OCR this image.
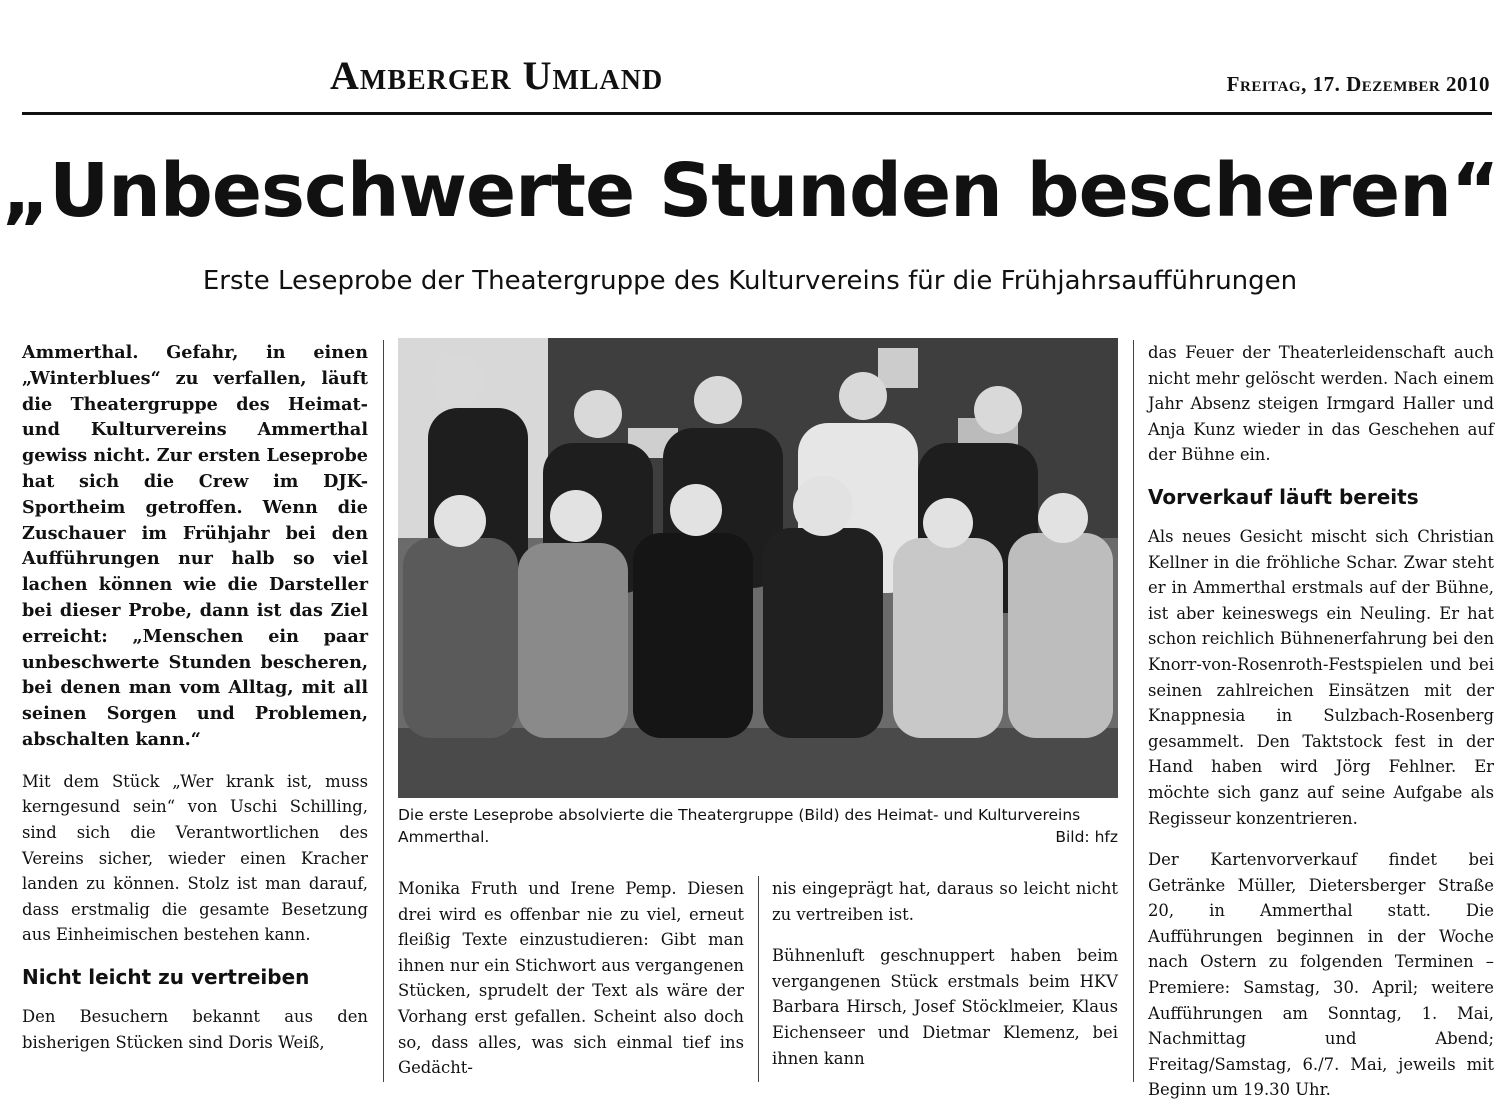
Amberger Umland	Freitag, 17. Dezember 2010
„Unbeschwerte Stunden bescheren“
Erste Leseprobe der Theatergruppe des Kulturvereins für die Frühjahrsaufführungen

Ammerthal. Gefahr, in einen „Winterblues“ zu verfallen, läuft die Theatergruppe des Heimat- und Kulturvereins Ammerthal gewiss nicht. Zur ersten Leseprobe hat sich die Crew im DJK-Sportheim getroffen. Wenn die Zuschauer im Frühjahr bei den Aufführungen nur halb so viel lachen können wie die Darsteller bei dieser Probe, dann ist das Ziel erreicht: „Menschen ein paar unbeschwerte Stunden bescheren, bei denen man vom Alltag, mit all seinen Sorgen und Problemen, abschalten kann.“

Mit dem Stück „Wer krank ist, muss kerngesund sein“ von Uschi Schilling, sind sich die Verantwortlichen des Vereins sicher, wieder einen Kracher landen zu können. Stolz ist man darauf, dass erstmalig die gesamte Besetzung aus Einheimischen bestehen kann.

Nicht leicht zu vertreiben

Den Besuchern bekannt aus den bisherigen Stücken sind Doris Weiß,

Die erste Leseprobe absolvierte die Theatergruppe (Bild) des Heimat- und Kulturvereins Ammerthal.	Bild: hfz

Monika Fruth und Irene Pemp. Diesen drei wird es offenbar nie zu viel, erneut fleißig Texte einzustudieren: Gibt man ihnen nur ein Stichwort aus vergangenen Stücken, sprudelt der Text als wäre der Vorhang erst gefallen. Scheint also doch so, dass alles, was sich einmal tief ins Gedächt-

nis eingeprägt hat, daraus so leicht nicht zu vertreiben ist.

Bühnenluft geschnuppert haben beim vergangenen Stück erstmals beim HKV Barbara Hirsch, Josef Stöcklmeier, Klaus Eichenseer und Dietmar Klemenz, bei ihnen kann

das Feuer der Theaterleidenschaft auch nicht mehr gelöscht werden. Nach einem Jahr Absenz steigen Irmgard Haller und Anja Kunz wieder in das Geschehen auf der Bühne ein.

Vorverkauf läuft bereits

Als neues Gesicht mischt sich Christian Kellner in die fröhliche Schar. Zwar steht er in Ammerthal erstmals auf der Bühne, ist aber keineswegs ein Neuling. Er hat schon reichlich Bühnenerfahrung bei den Knorr-von-Rosenroth-Festspielen und bei seinen zahlreichen Einsätzen mit der Knappnesia in Sulzbach-Rosenberg gesammelt. Den Taktstock fest in der Hand haben wird Jörg Fehlner. Er möchte sich ganz auf seine Aufgabe als Regisseur konzentrieren.

Der Kartenvorverkauf findet bei Getränke Müller, Dietersberger Straße 20, in Ammerthal statt. Die Aufführungen beginnen in der Woche nach Ostern zu folgenden Terminen – Premiere: Samstag, 30. April; weitere Aufführungen am Sonntag, 1. Mai, Nachmittag und Abend; Freitag/Samstag, 6./7. Mai, jeweils mit Beginn um 19.30 Uhr.
